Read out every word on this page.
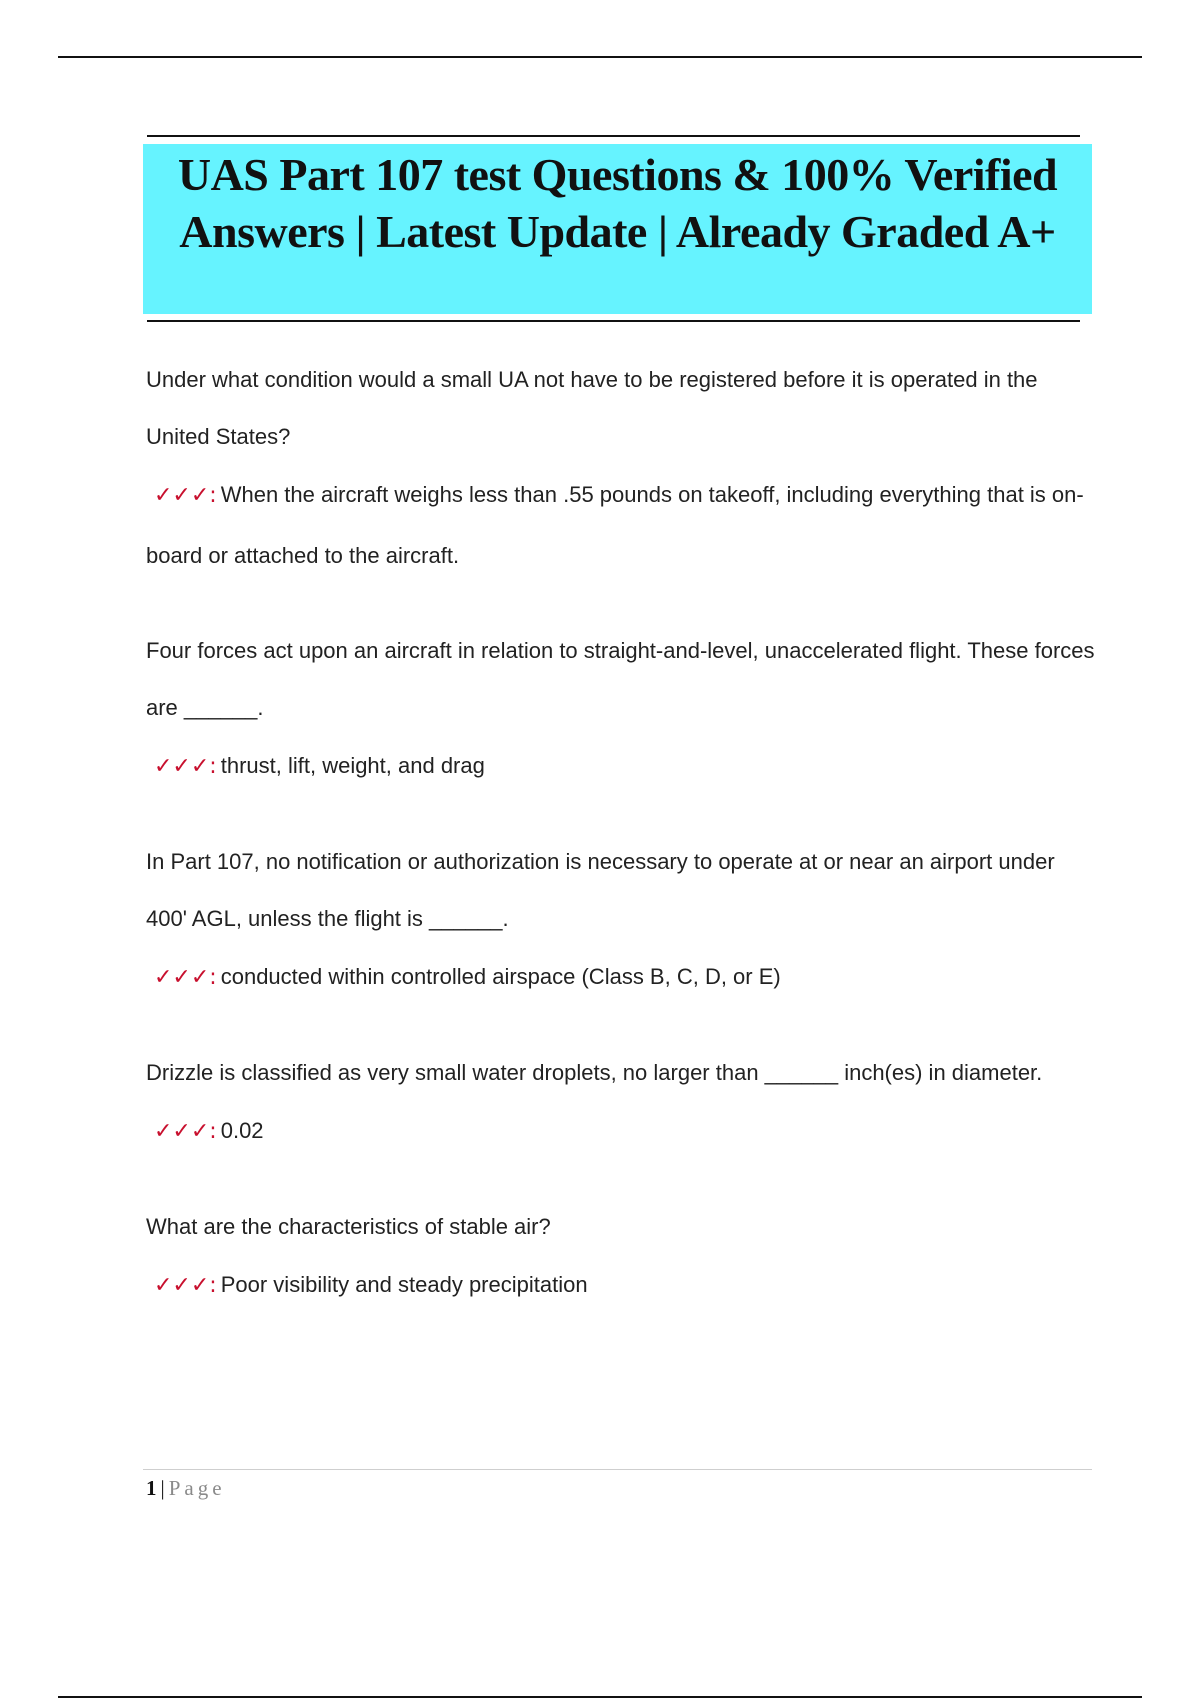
UAS Part 107 test Questions & 100% Verified
Answers | Latest Update | Already Graded A+

Under what condition would a small UA not have to be registered before it is operated in the United States?

✓✓✓: When the aircraft weighs less than .55 pounds on takeoff, including everything that is on-board or attached to the aircraft.

Four forces act upon an aircraft in relation to straight-and-level, unaccelerated flight. These forces are ______.

✓✓✓: thrust, lift, weight, and drag

In Part 107, no notification or authorization is necessary to operate at or near an airport under 400' AGL, unless the flight is ______.

✓✓✓: conducted within controlled airspace (Class B, C, D, or E)

Drizzle is classified as very small water droplets, no larger than ______ inch(es) in diameter.

✓✓✓: 0.02

What are the characteristics of stable air?

✓✓✓: Poor visibility and steady precipitation

1 | Page
